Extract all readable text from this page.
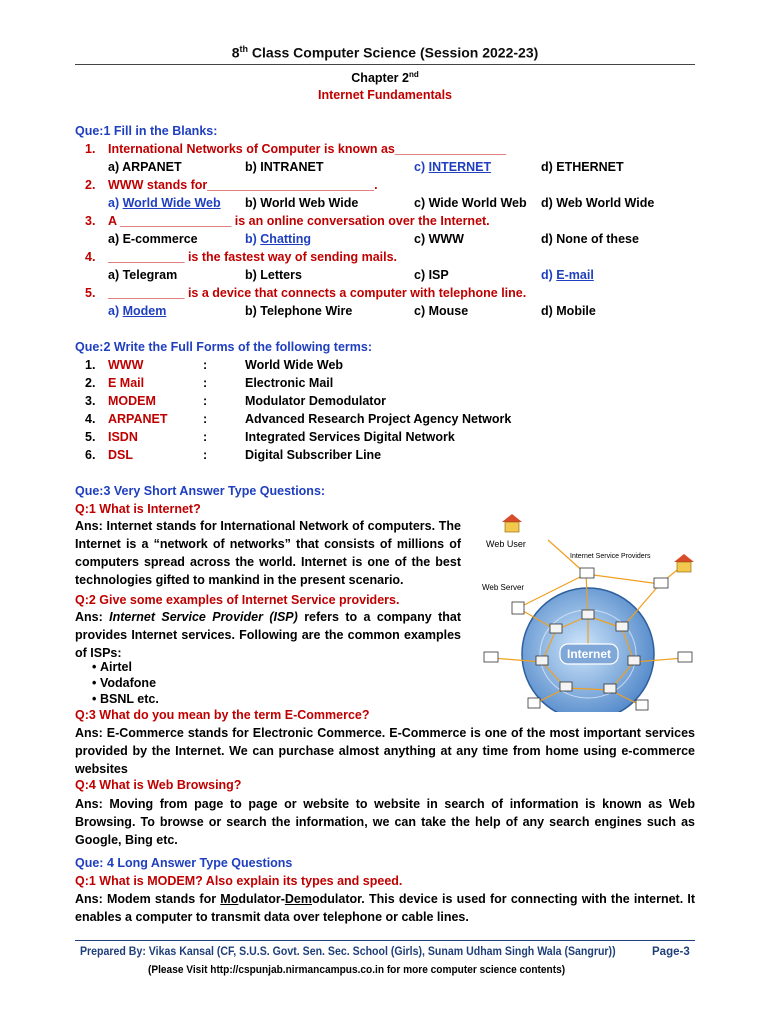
8th Class Computer Science (Session 2022-23)
Chapter 2nd
Internet Fundamentals
Que:1 Fill in the Blanks:
1. International Networks of Computer is known as________________
a) ARPANET	b) INTRANET	c) INTERNET	d) ETHERNET
2. WWW stands for________________________.
a) World Wide Web b) World Web Wide	c) Wide World Web d) Web World Wide
3. A ________________ is an online conversation over the Internet.
a) E-commerce	b) Chatting	c) WWW	d) None of these
4. ___________ is the fastest way of sending mails.
a) Telegram	b) Letters	c) ISP	d) E-mail
5. ___________ is a device that connects a computer with telephone line.
a) Modem	b) Telephone Wire	c) Mouse	d) Mobile
Que:2 Write the Full Forms of the following terms:
1. WWW	:	World Wide Web
2. E Mail	:	Electronic Mail
3. MODEM	:	Modulator Demodulator
4. ARPANET	:	Advanced Research Project Agency Network
5. ISDN	:	Integrated Services Digital Network
6. DSL	:	Digital Subscriber Line
Que:3 Very Short Answer Type Questions:
Q:1 What is Internet?
Ans: Internet stands for International Network of computers. The Internet is a “network of networks” that consists of millions of computers spread across the world. Internet is one of the best technologies gifted to mankind in the present scenario.
Q:2 Give some examples of Internet Service providers.
Ans: Internet Service Provider (ISP) refers to a company that provides Internet services. Following are the common examples of ISPs:
• Airtel
• Vodafone
• BSNL etc.
Q:3 What do you mean by the term E-Commerce?
Ans: E-Commerce stands for Electronic Commerce. E-Commerce is one of the most important services provided by the Internet. We can purchase almost anything at any time from home using e-commerce websites
Q:4 What is Web Browsing?
Ans: Moving from page to page or website to website in search of information is known as Web Browsing. To browse or search the information, we can take the help of any search engines such as Google, Bing etc.
Que: 4 Long Answer Type Questions
Q:1 What is MODEM? Also explain its types and speed.
Ans: Modem stands for Modulator-Demodulator. This device is used for connecting with the internet. It enables a computer to transmit data over telephone or cable lines.
Internet
Web User
Internet Service Providers
Web Server
Prepared By: Vikas Kansal (CF, S.U.S. Govt. Sen. Sec. School (Girls), Sunam Udham Singh Wala (Sangrur))	Page-3
(Please Visit http://cspunjab.nirmancampus.co.in for more computer science contents)
